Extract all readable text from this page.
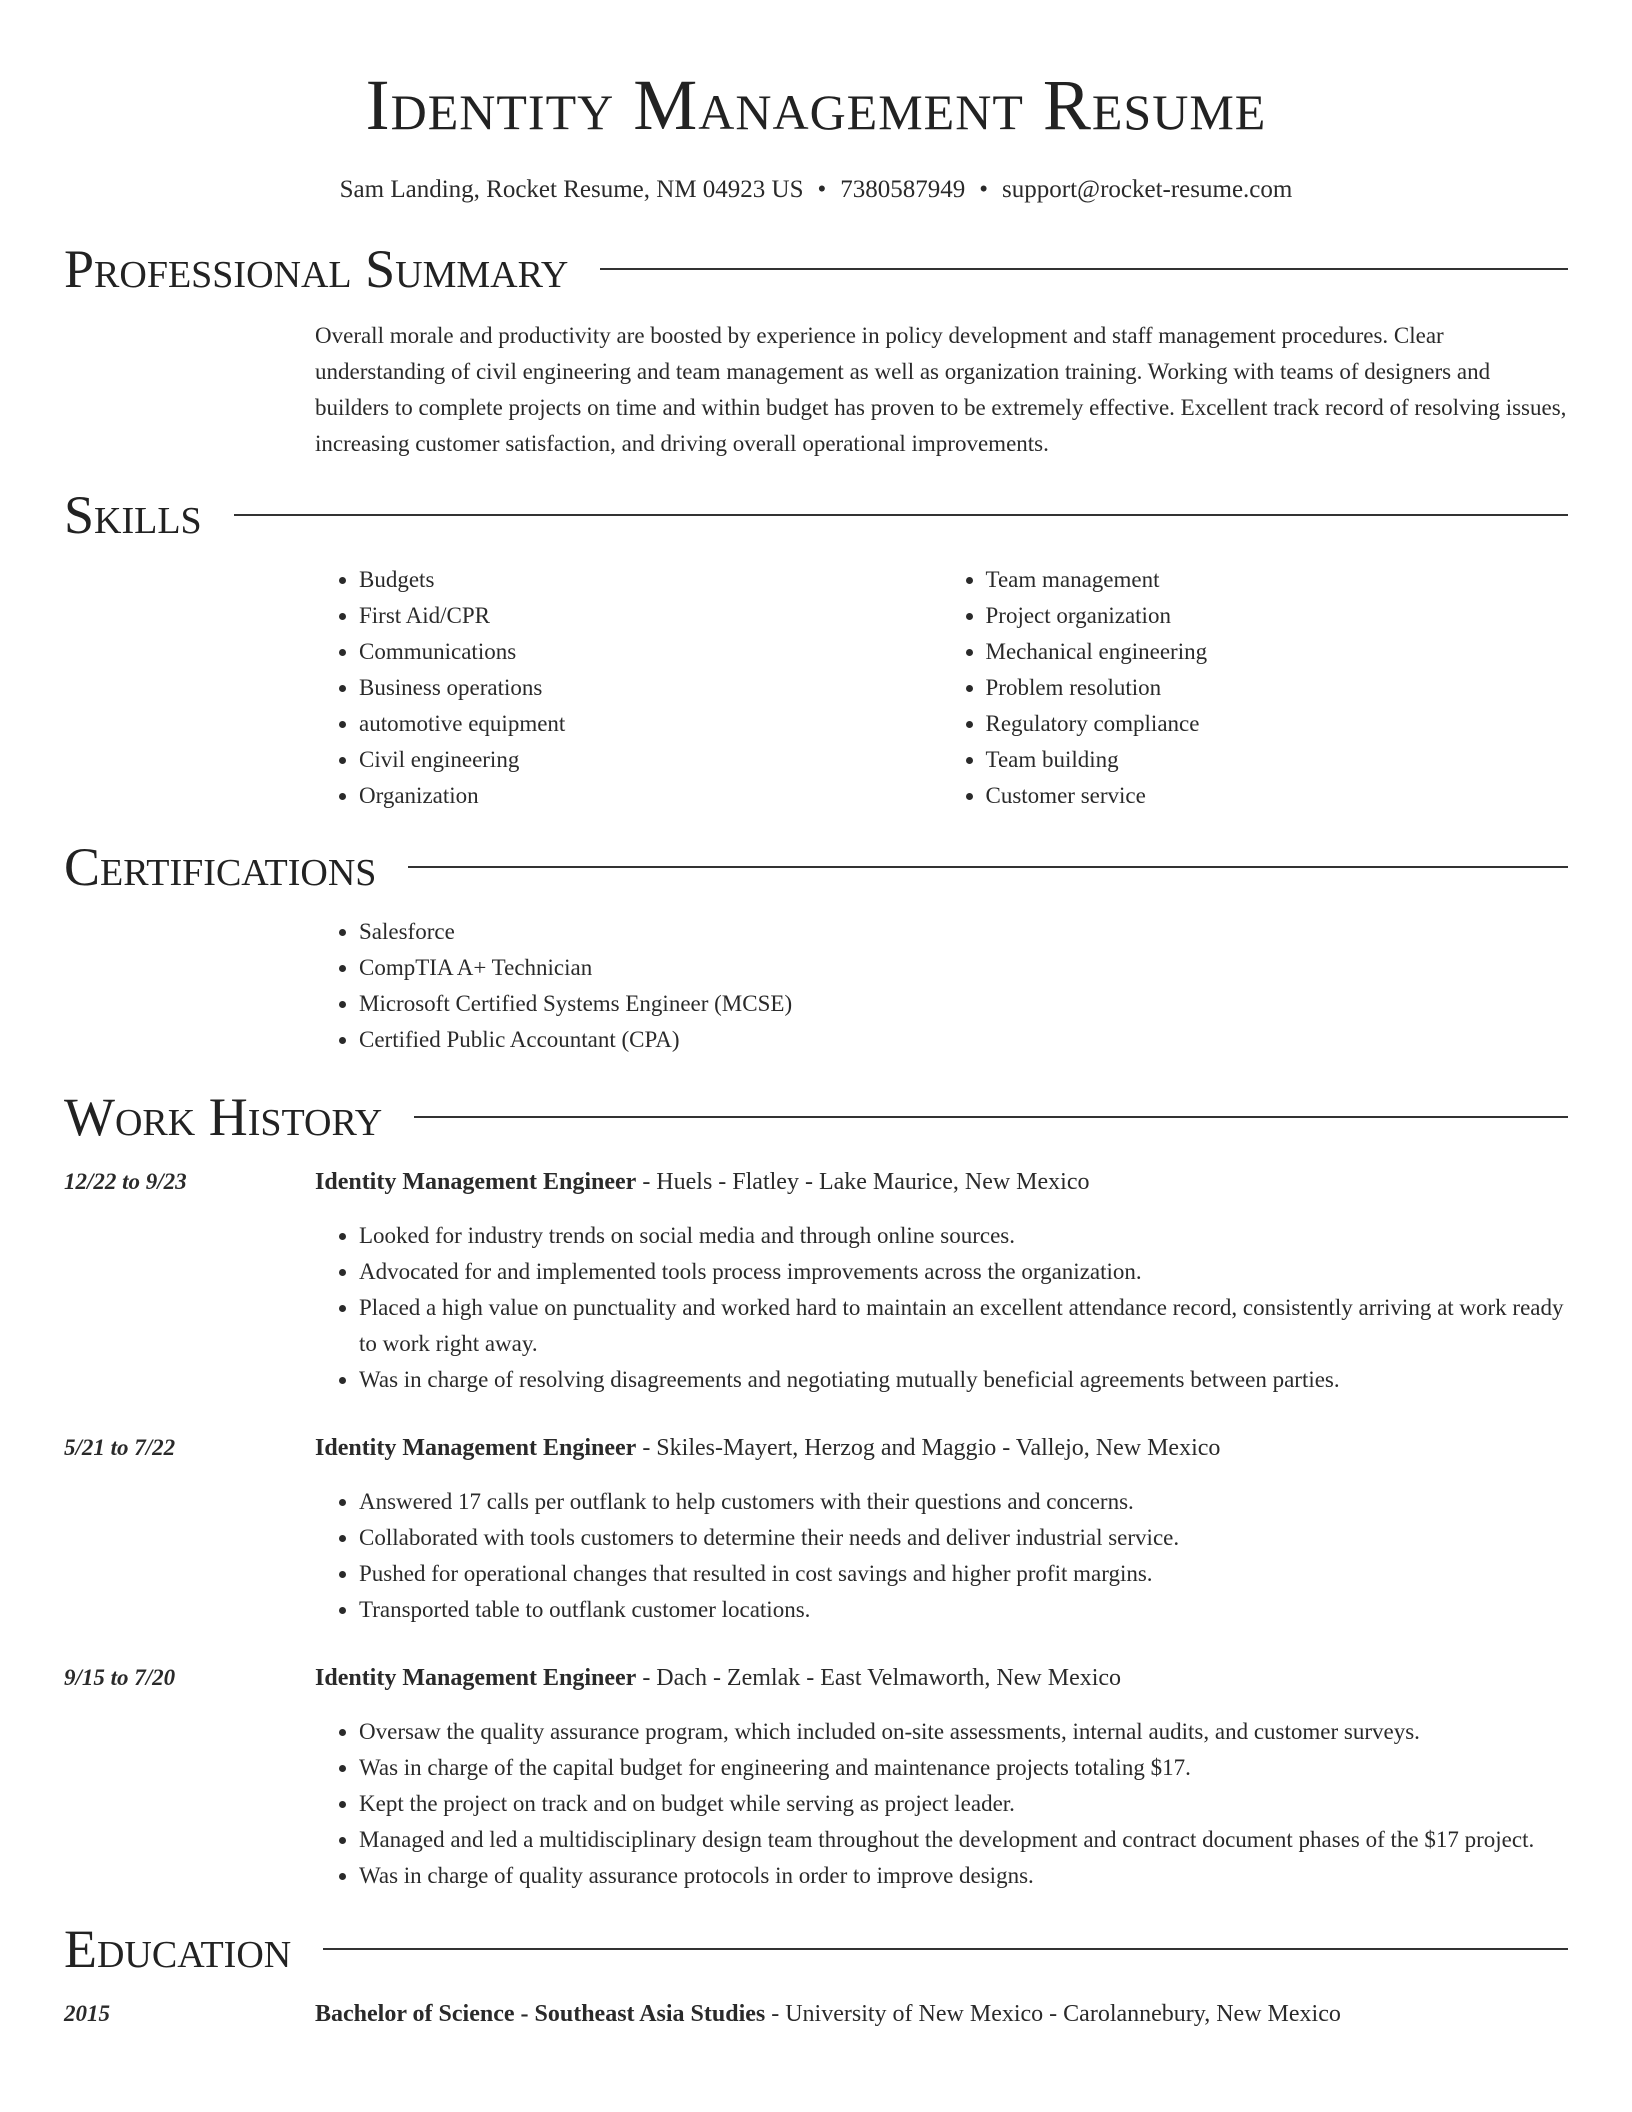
Identity Management Resume
Sam Landing, Rocket Resume, NM 04923 US • 7380587949 • support@rocket-resume.com
Professional Summary
Overall morale and productivity are boosted by experience in policy development and staff management procedures. Clear understanding of civil engineering and team management as well as organization training. Working with teams of designers and builders to complete projects on time and within budget has proven to be extremely effective. Excellent track record of resolving issues, increasing customer satisfaction, and driving overall operational improvements.
Skills
• Budgets
• First Aid/CPR
• Communications
• Business operations
• automotive equipment
• Civil engineering
• Organization
• Team management
• Project organization
• Mechanical engineering
• Problem resolution
• Regulatory compliance
• Team building
• Customer service
Certifications
• Salesforce
• CompTIA A+ Technician
• Microsoft Certified Systems Engineer (MCSE)
• Certified Public Accountant (CPA)
Work History
12/22 to 9/23	Identity Management Engineer - Huels - Flatley - Lake Maurice, New Mexico
• Looked for industry trends on social media and through online sources.
• Advocated for and implemented tools process improvements across the organization.
• Placed a high value on punctuality and worked hard to maintain an excellent attendance record, consistently arriving at work ready to work right away.
• Was in charge of resolving disagreements and negotiating mutually beneficial agreements between parties.
5/21 to 7/22	Identity Management Engineer - Skiles-Mayert, Herzog and Maggio - Vallejo, New Mexico
• Answered 17 calls per outflank to help customers with their questions and concerns.
• Collaborated with tools customers to determine their needs and deliver industrial service.
• Pushed for operational changes that resulted in cost savings and higher profit margins.
• Transported table to outflank customer locations.
9/15 to 7/20	Identity Management Engineer - Dach - Zemlak - East Velmaworth, New Mexico
• Oversaw the quality assurance program, which included on-site assessments, internal audits, and customer surveys.
• Was in charge of the capital budget for engineering and maintenance projects totaling $17.
• Kept the project on track and on budget while serving as project leader.
• Managed and led a multidisciplinary design team throughout the development and contract document phases of the $17 project.
• Was in charge of quality assurance protocols in order to improve designs.
Education
2015	Bachelor of Science - Southeast Asia Studies - University of New Mexico - Carolannebury, New Mexico
